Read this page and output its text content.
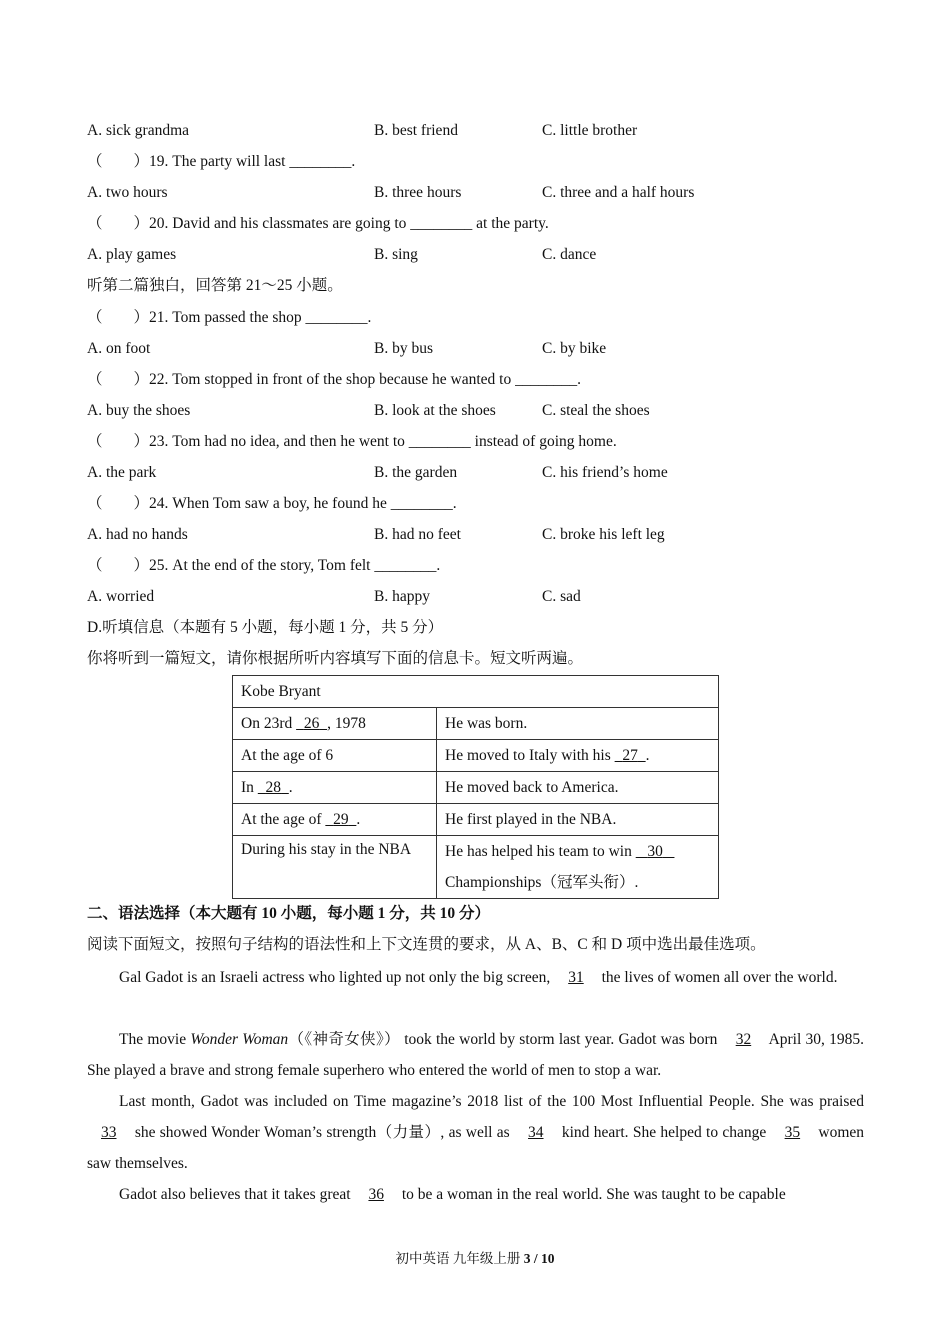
A. sick grandma	B. best friend	C. little brother
（　　）19. The party will last ________.
A. two hours	B. three hours	C. three and a half hours
（　　）20. David and his classmates are going to ________ at the party.
A. play games	B. sing	C. dance
听第二篇独白，回答第 21～25 小题。
（　　）21. Tom passed the shop ________.
A. on foot	B. by bus	C. by bike
（　　）22. Tom stopped in front of the shop because he wanted to ________.
A. buy the shoes	B. look at the shoes	C. steal the shoes
（　　）23. Tom had no idea, and then he went to ________ instead of going home.
A. the park	B. the garden	C. his friend’s home
（　　）24. When Tom saw a boy, he found he ________.
A. had no hands	B. had no feet	C. broke his left leg
（　　）25. At the end of the story, Tom felt ________.
A. worried	B. happy	C. sad
D.听填信息（本题有 5 小题，每小题 1 分，共 5 分）
你将听到一篇短文，请你根据所听内容填写下面的信息卡。短文听两遍。
Kobe Bryant	
On 23rd 26 , 1978	He was born.
At the age of 6	He moved to Italy with his 27 .
In 28 .	He moved back to America.
At the age of 29 .	He first played in the NBA.
During his stay in the NBA	He has helped his team to win 30
Championships（冠军头衔）.
二、语法选择（本大题有 10 小题，每小题 1 分，共 10 分）
阅读下面短文，按照句子结构的语法性和上下文连贯的要求，从 A、B、C 和 D 项中选出最佳选项。
Gal Gadot is an Israeli actress who lighted up not only the big screen, 31 the lives of women all over the world.
The movie Wonder Woman（《神奇女侠》） took the world by storm last year. Gadot was born 32 April 30, 1985. She played a brave and strong female superhero who entered the world of men to stop a war.
Last month, Gadot was included on Time magazine’s 2018 list of the 100 Most Influential People. She was praised 33 she showed Wonder Woman’s strength（力量）, as well as 34 kind heart. She helped to change 35 women saw themselves.
Gadot also believes that it takes great 36 to be a woman in the real world. She was taught to be capable
初中英语 九年级上册 3 / 10
